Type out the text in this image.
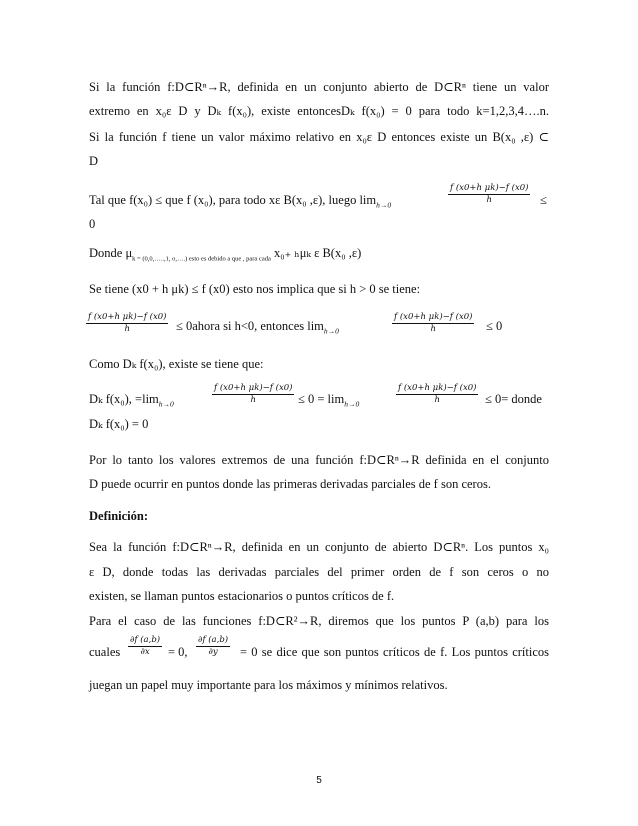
Si la función f:D⊂Rⁿ→R, definida en un conjunto abierto de D⊂Rⁿ tiene un valor
extremo en x₀ε D y Dₖ f(x₀), existe entoncesDₖ f(x₀) = 0 para todo k=1,2,3,4….n.
Si la función f tiene un valor máximo relativo en x₀ε D entonces existe un B(x₀ ,ε) ⊂
D
Tal que f(x₀) ≤ que f (x₀), para todo xε B(x₀ ,ε), luego $\lim_{h\to 0}$	$\frac{\text{f (x0+h μk)−f (x0)}}{h}$ ≤
0
Donde $\mu_{k = (0,0,\dots..,1, o,\dots.) esto es debido a que , para cada}$ x₀₊ ₕμₖ ε B(x₀ ,ε)
Se tiene (x0 + h μk) ≤ f (x0) esto nos implica que si h > 0 se tiene:
$\frac{\text{f (x0+h μk)−f (x0)}}{h}$ ≤ 0ahora si h<0, entonces $\lim_{h\to 0}$	$\frac{\text{f (x0+h μk)−f (x0)}}{h} \le 0$
Como Dₖ f(x₀), existe se tiene que:
Dₖ f(x₀), $=\lim_{h\to 0}$	$\frac{\text{f (x0+h μk)−f (x0)}}{h} \le 0 = \lim_{h\to 0}$	$\frac{\text{f (x0+h μk)−f (x0)}}{h} \le 0=$ donde
Dₖ f(x₀) = 0
Por lo tanto los valores extremos de una función f:D⊂Rⁿ→R definida en el conjunto
D puede ocurrir en puntos donde las primeras derivadas parciales de f son ceros.
Definición:
Sea la función f:D⊂Rⁿ→R, definida en un conjunto de abierto D⊂Rⁿ. Los puntos x₀
ε D, donde todas las derivadas parciales del primer orden de f son ceros o no
existen, se llaman puntos estacionarios o puntos críticos de f.
Para el caso de las funciones f:D⊂R²→R, diremos que los puntos P (a,b) para los
cuales $\frac{\partial f (a,b)}{\partial x} = 0$, $\frac{\partial f (a,b)}{\partial y} = 0$ se dice que son puntos críticos de f. Los puntos críticos
juegan un papel muy importante para los máximos y mínimos relativos.
5
